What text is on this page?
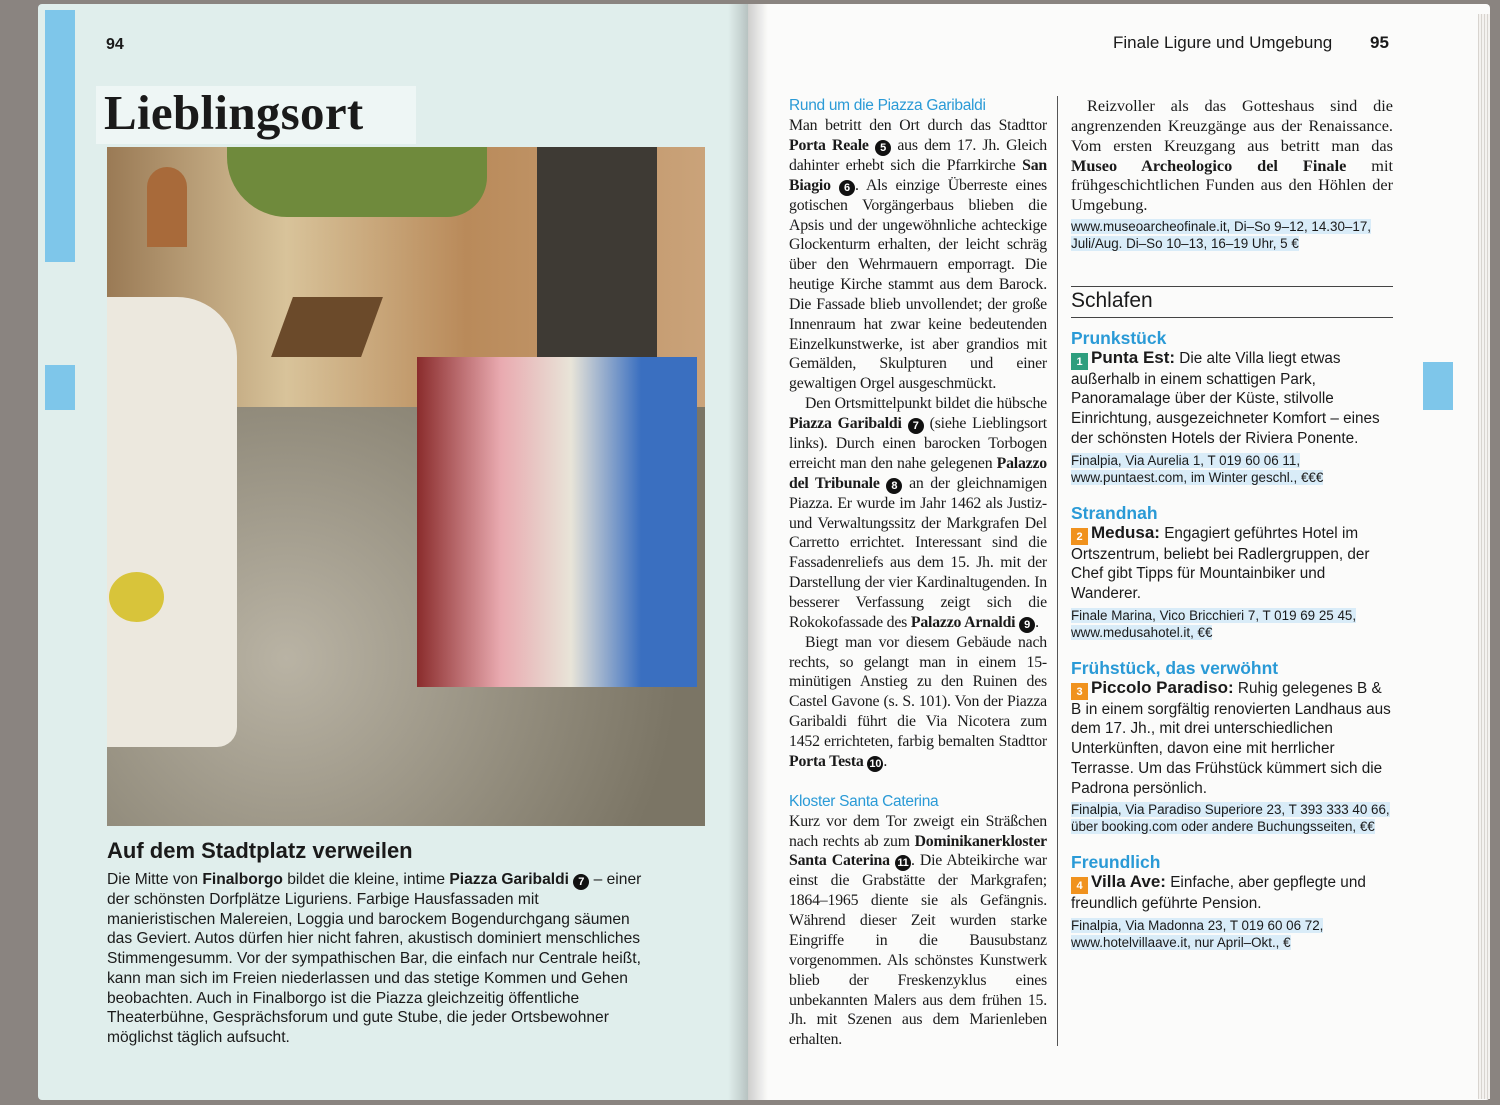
94
Lieblingsort
Auf dem Stadtplatz verweilen
Die Mitte von Finalborgo bildet die kleine, intime Piazza Garibaldi 7 – einer der schönsten Dorfplätze Liguriens. Farbige Hausfassaden mit manieristischen Malereien, Loggia und barockem Bogendurchgang säumen das Geviert. Autos dürfen hier nicht fahren, akustisch dominiert menschliches Stimmengesumm. Vor der sympathischen Bar, die einfach nur Centrale heißt, kann man sich im Freien niederlassen und das stetige Kommen und Gehen beobachten. Auch in Finalborgo ist die Piazza gleichzeitig öffentliche Theaterbühne, Gesprächsforum und gute Stube, die jeder Ortsbewohner möglichst täglich aufsucht.
Finale Ligure und Umgebung 95
Rund um die Piazza Garibaldi

Man betritt den Ort durch das Stadttor Porta Reale 5 aus dem 17. Jh. Gleich dahinter erhebt sich die Pfarrkirche San Biagio 6 . Als einzige Überreste eines gotischen Vorgängerbaus blieben die Apsis und der ungewöhnliche achteckige Glockenturm erhalten, der leicht schräg über den Wehrmauern emporragt. Die heutige Kirche stammt aus dem Barock. Die Fassade blieb unvollendet; der große Innenraum hat zwar keine bedeutenden Einzelkunstwerke, ist aber grandios mit Gemälden, Skulpturen und einer gewaltigen Orgel ausgeschmückt.

Den Ortsmittelpunkt bildet die hübsche Piazza Garibaldi 7 (siehe Lieblingsort links). Durch einen barocken Torbogen erreicht man den nahe gelegenen Palazzo del Tribunale 8 an der gleichnamigen Piazza. Er wurde im Jahr 1462 als Justiz- und Verwaltungssitz der Markgrafen Del Carretto errichtet. Interessant sind die Fassadenreliefs aus dem 15. Jh. mit der Darstellung der vier Kardinaltugenden. In besserer Verfassung zeigt sich die Rokokofassade des Palazzo Arnaldi 9 .

Biegt man vor diesem Gebäude nach rechts, so gelangt man in einem 15-minütigen Anstieg zu den Ruinen des Castel Gavone (s. S. 101). Von der Piazza Garibaldi führt die Via Nicotera zum 1452 errichteten, farbig bemalten Stadttor Porta Testa 10 .

Kloster Santa Caterina

Kurz vor dem Tor zweigt ein Sträßchen nach rechts ab zum Dominikanerkloster Santa Caterina 11 . Die Abteikirche war einst die Grabstätte der Markgrafen; 1864–1965 diente sie als Gefängnis. Während dieser Zeit wurden starke Eingriffe in die Bausubstanz vorgenommen. Als schönstes Kunstwerk blieb der Freskenzyklus eines unbekannten Malers aus dem frühen 15. Jh. mit Szenen aus dem Marienleben erhalten.

Reizvoller als das Gotteshaus sind die angrenzenden Kreuzgänge aus der Renaissance. Vom ersten Kreuzgang aus betritt man das Museo Archeologico del Finale mit frühgeschichtlichen Funden aus den Höhlen der Umgebung.

www.museoarcheofinale.it, Di–So 9–12, 14.30–17, Juli/Aug. Di–So 10–13, 16–19 Uhr, 5 €
Schlafen
Prunkstück
1 Punta Est: Die alte Villa liegt etwas außerhalb in einem schattigen Park, Panoramalage über der Küste, stilvolle Einrichtung, ausgezeichneter Komfort – eines der schönsten Hotels der Riviera Ponente.
Finalpia, Via Aurelia 1, T 019 60 06 11, www.puntaest.com, im Winter geschl., €€€
Strandnah
2 Medusa: Engagiert geführtes Hotel im Ortszentrum, beliebt bei Radlergruppen, der Chef gibt Tipps für Mountainbiker und Wanderer.
Finale Marina, Vico Bricchieri 7, T 019 69 25 45, www.medusahotel.it, €€
Frühstück, das verwöhnt
3 Piccolo Paradiso: Ruhig gelegenes B & B in einem sorgfältig renovierten Landhaus aus dem 17. Jh., mit drei unterschiedlichen Unterkünften, davon eine mit herrlicher Terrasse. Um das Frühstück kümmert sich die Padrona persönlich.
Finalpia, Via Paradiso Superiore 23, T 393 333 40 66, über booking.com oder andere Buchungsseiten, €€
Freundlich
4 Villa Ave: Einfache, aber gepflegte und freundlich geführte Pension.
Finalpia, Via Madonna 23, T 019 60 06 72, www.hotelvillaave.it, nur April–Okt., €
